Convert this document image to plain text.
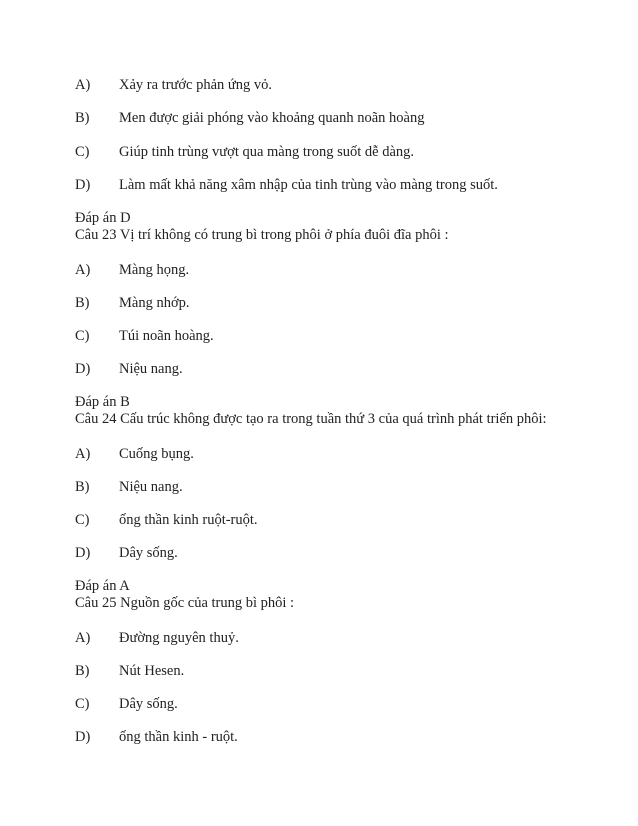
A) Xảy ra trước phản ứng vỏ.
B) Men được giải phóng vào khoảng quanh noãn hoàng
C) Giúp tinh trùng vượt qua màng trong suốt dễ dàng.
D) Làm mất khả năng xâm nhập của tinh trùng vào màng trong suốt.
Đáp án D
Câu 23 Vị trí không có trung bì trong phôi ở phía đuôi đĩa phôi :
A) Màng họng.
B) Màng nhớp.
C) Túi noãn hoàng.
D) Niệu nang.
Đáp án B
Câu 24 Cấu trúc không được tạo ra trong tuần thứ 3 của quá trình phát triển phôi:
A) Cuống bụng.
B) Niệu nang.
C) ống thần kinh ruột-ruột.
D) Dây sống.
Đáp án A
Câu 25 Nguồn gốc của trung bì phôi :
A) Đường nguyên thuỷ.
B) Nút Hesen.
C) Dây sống.
D) ống thần kinh - ruột.
